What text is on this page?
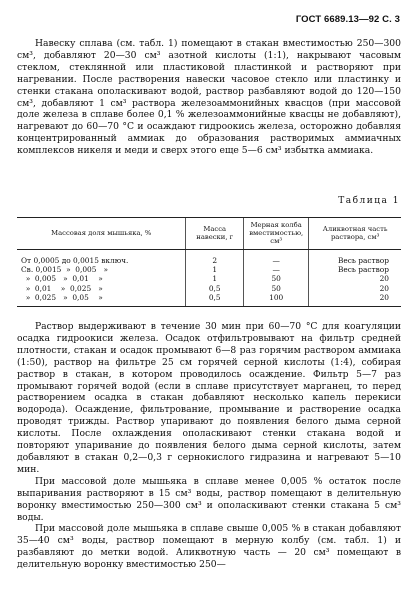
ГОСТ 6689.13—92 С. 3
Навеску сплава (см. табл. 1) помещают в стакан вместимостью 250—300 см³, добавляют 20—30 см³ азотной кислоты (1:1), накрывают часовым стеклом, стеклянной или пластиковой пластинкой и растворяют при нагревании. После растворения навески часовое стекло или пластинку и стенки стакана ополаскивают водой, раствор разбавляют водой до 120—150 см³, добавляют 1 см³ раствора железоаммонийных квасцов (при массовой доле железа в сплаве более 0,1 % железоаммонийные квасцы не добавляют), нагревают до 60—70 °С и осаждают гидроокись железа, осторожно добавляя концентрированный аммиак до образования растворимых аммиачных комплексов никеля и меди и сверх этого еще 5—6 см³ избытка аммиака.
Таблица 1
Массовая доля мышьяка, %	Масса навески, г	Мерная колба вместимостью, см³	Аликвотная часть раствора, см³
От 0,0005 до 0,0015 включ.	2	—	Весь раствор
Св. 0,0015  »  0,005   »	1	—	Весь раствор
»  0,005   »  0,01    »	1	50	20
»  0,01    »  0,025   »	0,5	50	20
»  0,025   »  0,05    »	0,5	100	20
Раствор выдерживают в течение 30 мин при 60—70 °С для коагуляции осадка гидроокиси железа. Осадок отфильтровывают на фильтр средней плотности, стакан и осадок промывают 6—8 раз горячим раствором аммиака (1:50), раствор на фильтре 25 см горячей серной кислоты (1:4), собирая раствор в стакан, в котором проводилось осаждение. Фильтр 5—7 раз промывают горячей водой (если в сплаве присутствует марганец, то перед растворением осадка в стакан добавляют несколько капель перекиси водорода). Осаждение, фильтрование, промывание и растворение осадка проводят трижды. Раствор упаривают до появления белого дыма серной кислоты. После охлаждения ополаскивают стенки стакана водой и повторяют упаривание до появления белого дыма серной кислоты, затем добавляют в стакан 0,2—0,3 г сернокислого гидразина и нагревают 5—10 мин.
При массовой доле мышьяка в сплаве менее 0,005 % остаток после выпаривания растворяют в 15 см³ воды, раствор помещают в делительную воронку вместимостью 250—300 см³ и ополаскивают стенки стакана 5 см³ воды.
При массовой доле мышьяка в сплаве свыше 0,005 % в стакан добавляют 35—40 см³ воды, раствор помещают в мерную колбу (см. табл. 1) и разбавляют до метки водой. Аликвотную часть — 20 см³ помещают в делительную воронку вместимостью 250—
